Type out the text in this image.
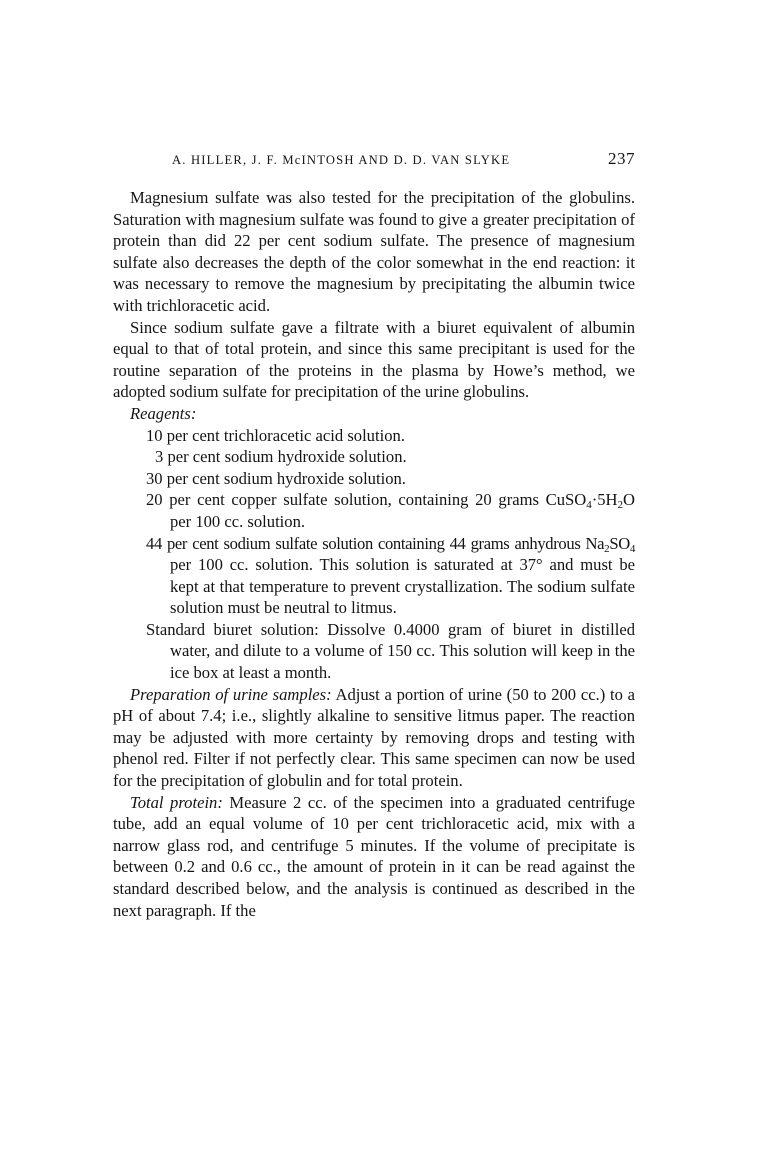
A. HILLER, J. F. McINTOSH AND D. D. VAN SLYKE	237

Magnesium sulfate was also tested for the precipitation of the globulins. Saturation with magnesium sulfate was found to give a greater precipitation of protein than did 22 per cent sodium sulfate. The presence of magnesium sulfate also decreases the depth of the color somewhat in the end reaction: it was necessary to remove the magnesium by precipitating the albumin twice with trichloracetic acid.

Since sodium sulfate gave a filtrate with a biuret equivalent of albumin equal to that of total protein, and since this same precipitant is used for the routine separation of the proteins in the plasma by Howe’s method, we adopted sodium sulfate for precipitation of the urine globulins.

Reagents:

10 per cent trichloracetic acid solution.

3 per cent sodium hydroxide solution.

30 per cent sodium hydroxide solution.

20 per cent copper sulfate solution, containing 20 grams $CuSO_4\cdot 5H_2O$ per 100 cc. solution.

44 per cent sodium sulfate solution containing 44 grams anhydrous $Na_2SO_4$ per 100 cc. solution. This solution is saturated at 37° and must be kept at that temperature to prevent crystallization. The sodium sulfate solution must be neutral to litmus.

Standard biuret solution: Dissolve 0.4000 gram of biuret in distilled water, and dilute to a volume of 150 cc. This solution will keep in the ice box at least a month.

Preparation of urine samples: Adjust a portion of urine (50 to 200 cc.) to a pH of about 7.4; i.e., slightly alkaline to sensitive litmus paper. The reaction may be adjusted with more certainty by removing drops and testing with phenol red. Filter if not perfectly clear. This same specimen can now be used for the precipitation of globulin and for total protein.

Total protein: Measure 2 cc. of the specimen into a graduated centrifuge tube, add an equal volume of 10 per cent trichloracetic acid, mix with a narrow glass rod, and centrifuge 5 minutes. If the volume of precipitate is between 0.2 and 0.6 cc., the amount of protein in it can be read against the standard described below, and the analysis is continued as described in the next paragraph. If the
